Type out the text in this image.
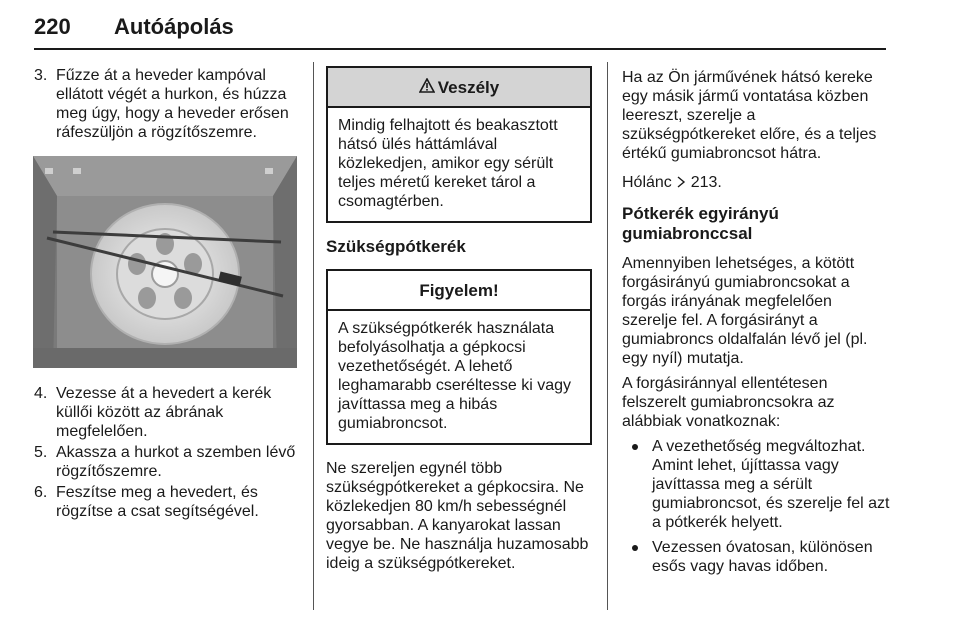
220 Autóápolás
3. Fűzze át a heveder kampóval ellátott végét a hurkon, és húzza meg úgy, hogy a heveder erősen ráfeszüljön a rögzítőszemre.
4. Vezesse át a hevedert a kerék küllői között az ábrának megfelelően.
5. Akassza a hurkot a szemben lévő rögzítőszemre.
6. Feszítse meg a hevedert, és rögzítse a csat segítségével.
Veszély
Mindig felhajtott és beakasztott hátsó ülés háttámlával közlekedjen, amikor egy sérült teljes méretű kereket tárol a csomagtérben.
Szükségpótkerék
Figyelem!
A szükségpótkerék használata befolyásolhatja a gépkocsi vezethetőségét. A lehető leghamarabb cseréltesse ki vagy javíttassa meg a hibás gumiabroncsot.
Ne szereljen egynél több szükségpótkereket a gépkocsira. Ne közlekedjen 80 km/h sebességnél gyorsabban. A kanyarokat lassan vegye be. Ne használja huzamosabb ideig a szükségpótkereket.
Ha az Ön járművének hátsó kereke egy másik jármű vontatása közben leereszt, szerelje a szükségpótkereket előre, és a teljes értékű gumiabroncsot hátra.
Hólánc 213.
Pótkerék egyirányú gumiabronccsal
Amennyiben lehetséges, a kötött forgásirányú gumiabroncsokat a forgás irányának megfelelően szerelje fel. A forgásirányt a gumiabroncs oldalfalán lévő jel (pl. egy nyíl) mutatja.
A forgásiránnyal ellentétesen felszerelt gumiabroncsokra az alábbiak vonatkoznak:
A vezethetőség megváltozhat. Amint lehet, újíttassa vagy javíttassa meg a sérült gumiabroncsot, és szerelje fel azt a pótkerék helyett.
Vezessen óvatosan, különösen esős vagy havas időben.
